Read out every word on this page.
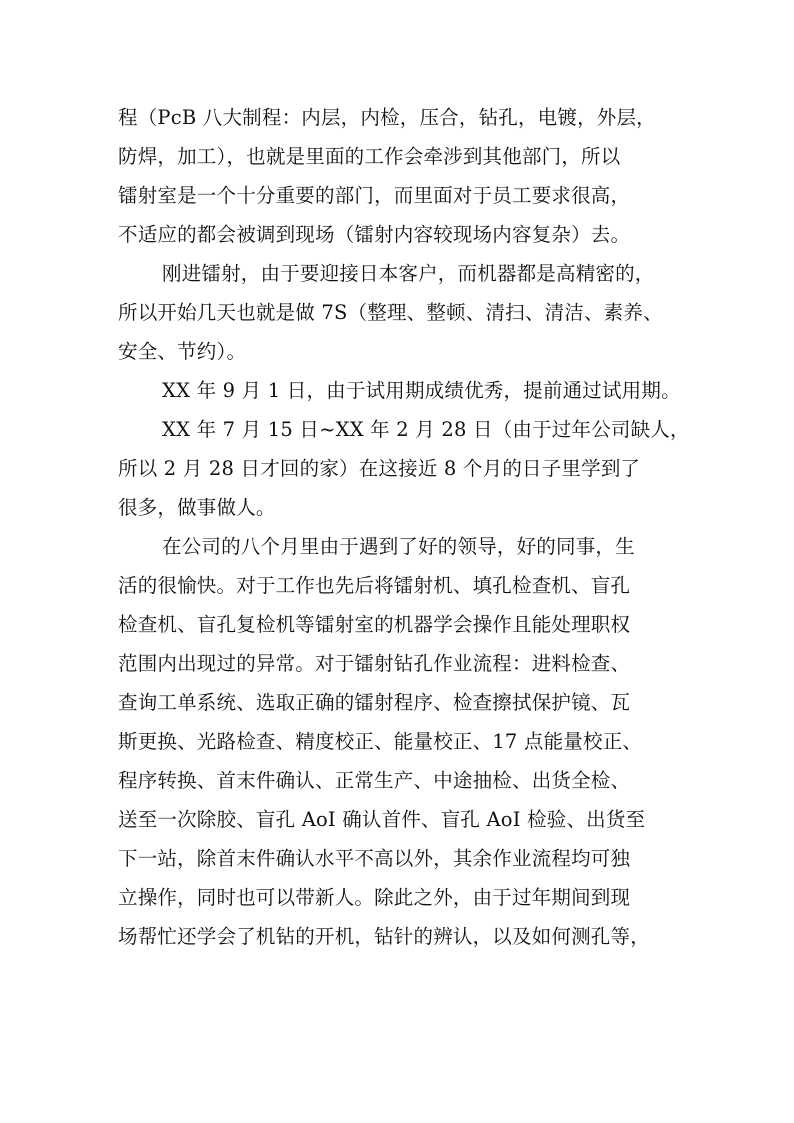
程（PcB 八大制程：内层，内检，压合，钻孔，电镀，外层，
防焊，加工），也就是里面的工作会牵涉到其他部门，所以
镭射室是一个十分重要的部门，而里面对于员工要求很高，
不适应的都会被调到现场（镭射内容较现场内容复杂）去。
刚进镭射，由于要迎接日本客户，而机器都是高精密的，
所以开始几天也就是做 7S（整理、整顿、清扫、清洁、素养、
安全、节约）。
XX 年 9 月 1 日，由于试用期成绩优秀，提前通过试用期。
XX 年 7 月 15 日~XX 年 2 月 28 日（由于过年公司缺人，
所以 2 月 28 日才回的家）在这接近 8 个月的日子里学到了
很多，做事做人。
在公司的八个月里由于遇到了好的领导，好的同事，生
活的很愉快。对于工作也先后将镭射机、填孔检查机、盲孔
检查机、盲孔复检机等镭射室的机器学会操作且能处理职权
范围内出现过的异常。对于镭射钻孔作业流程：进料检查、
查询工单系统、选取正确的镭射程序、检查擦拭保护镜、瓦
斯更换、光路检查、精度校正、能量校正、17 点能量校正、
程序转换、首末件确认、正常生产、中途抽检、出货全检、
送至一次除胶、盲孔 AoI 确认首件、盲孔 AoI 检验、出货至
下一站，除首末件确认水平不高以外，其余作业流程均可独
立操作，同时也可以带新人。除此之外，由于过年期间到现
场帮忙还学会了机钻的开机，钻针的辨认，以及如何测孔等，
